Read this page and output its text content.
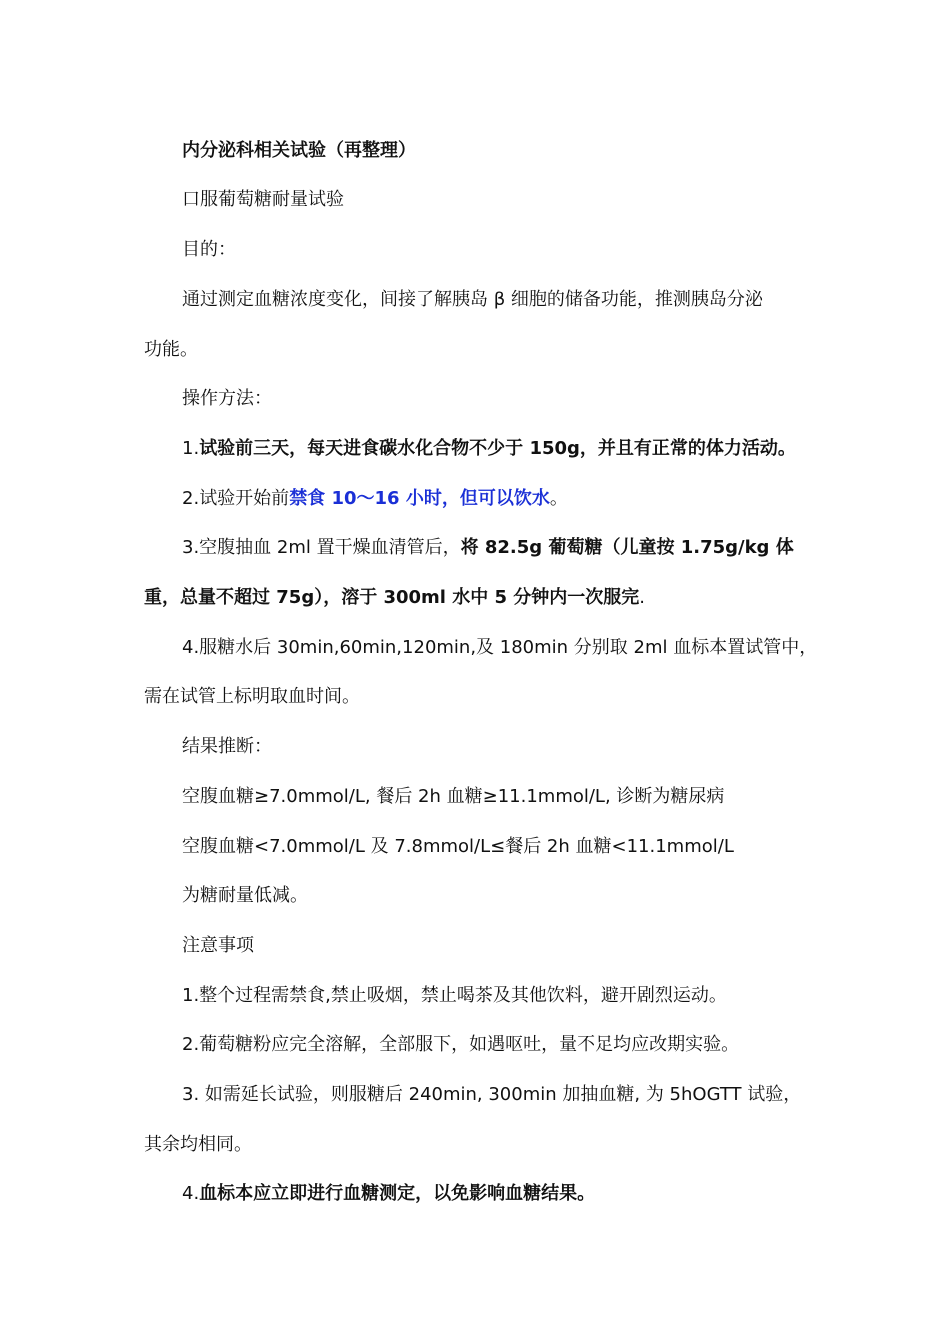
内分泌科相关试验（再整理）
口服葡萄糖耐量试验
目的：
通过测定血糖浓度变化，间接了解胰岛 β 细胞的储备功能，推测胰岛分泌
功能。
操作方法：
1.试验前三天，每天进食碳水化合物不少于 150g，并且有正常的体力活动。
2.试验开始前禁食 10～16 小时，但可以饮水。
3.空腹抽血 2ml 置干燥血清管后，将 82.5g 葡萄糖（儿童按 1.75g/kg 体
重，总量不超过 75g），溶于 300ml 水中 5 分钟内一次服完.
4.服糖水后 30min,60min,120min,及 180min 分别取 2ml 血标本置试管中，
需在试管上标明取血时间。
结果推断：
空腹血糖≥7.0mmol/L, 餐后 2h 血糖≥11.1mmol/L, 诊断为糖尿病
空腹血糖<7.0mmol/L 及 7.8mmol/L≤餐后 2h 血糖<11.1mmol/L
为糖耐量低减。
注意事项
1.整个过程需禁食,禁止吸烟，禁止喝茶及其他饮料，避开剧烈运动。
2.葡萄糖粉应完全溶解，全部服下，如遇呕吐，量不足均应改期实验。
3. 如需延长试验，则服糖后 240min, 300min 加抽血糖, 为 5hOGTT 试验，
其余均相同。
4.血标本应立即进行血糖测定，以免影响血糖结果。
